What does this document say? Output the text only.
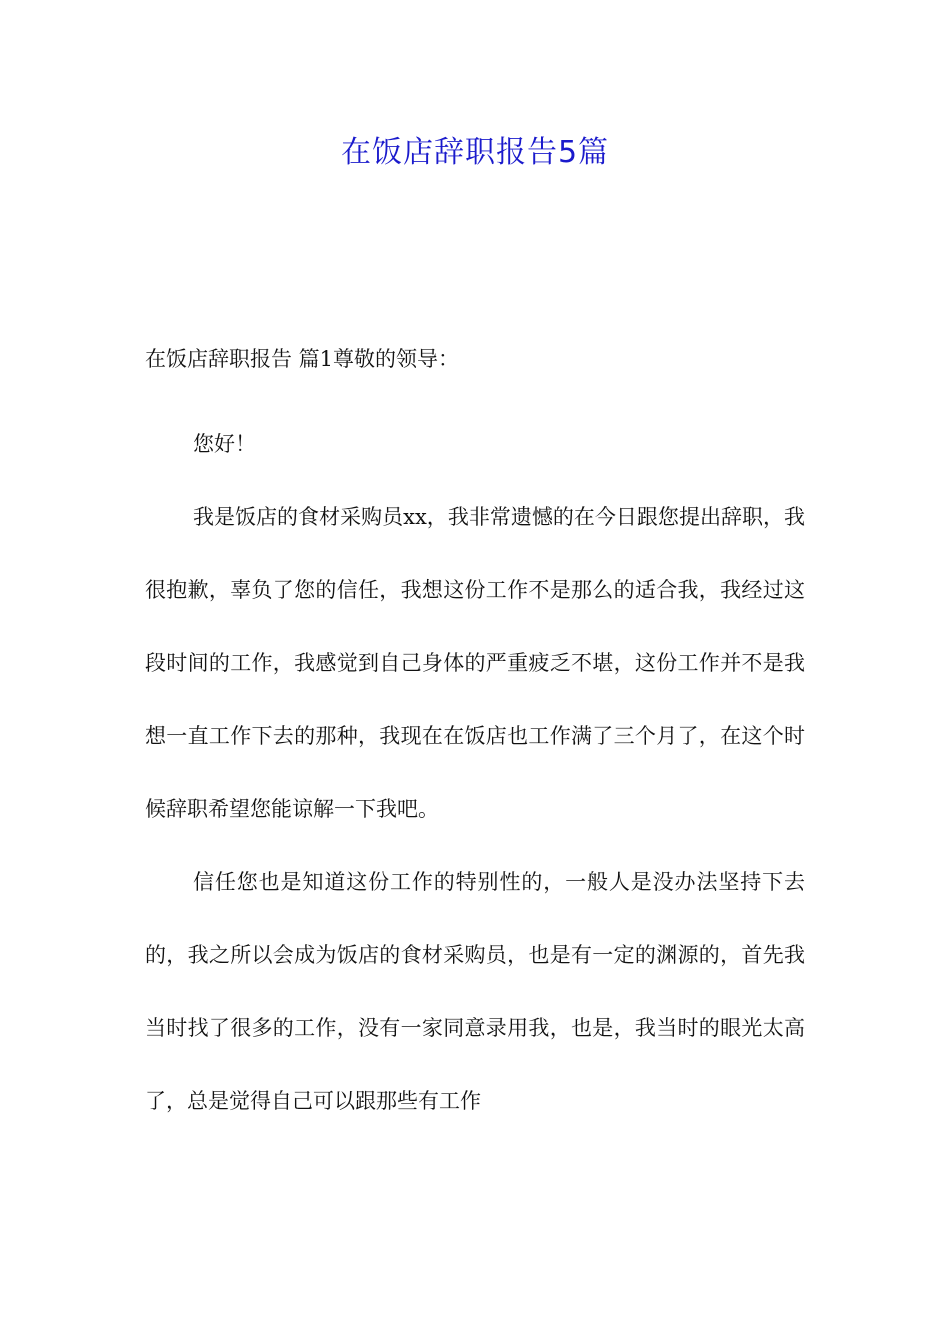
在饭店辞职报告5篇
在饭店辞职报告 篇1尊敬的领导：

您好！

我是饭店的食材采购员xx，我非常遗憾的在今日跟您提出辞职，我很抱歉，辜负了您的信任，我想这份工作不是那么的适合我，我经过这段时间的工作，我感觉到自己身体的严重疲乏不堪，这份工作并不是我想一直工作下去的那种，我现在在饭店也工作满了三个月了，在这个时候辞职希望您能谅解一下我吧。

信任您也是知道这份工作的特别性的，一般人是没办法坚持下去的，我之所以会成为饭店的食材采购员，也是有一定的渊源的，首先我当时找了很多的工作，没有一家同意录用我，也是，我当时的眼光太高了，总是觉得自己可以跟那些有工作
